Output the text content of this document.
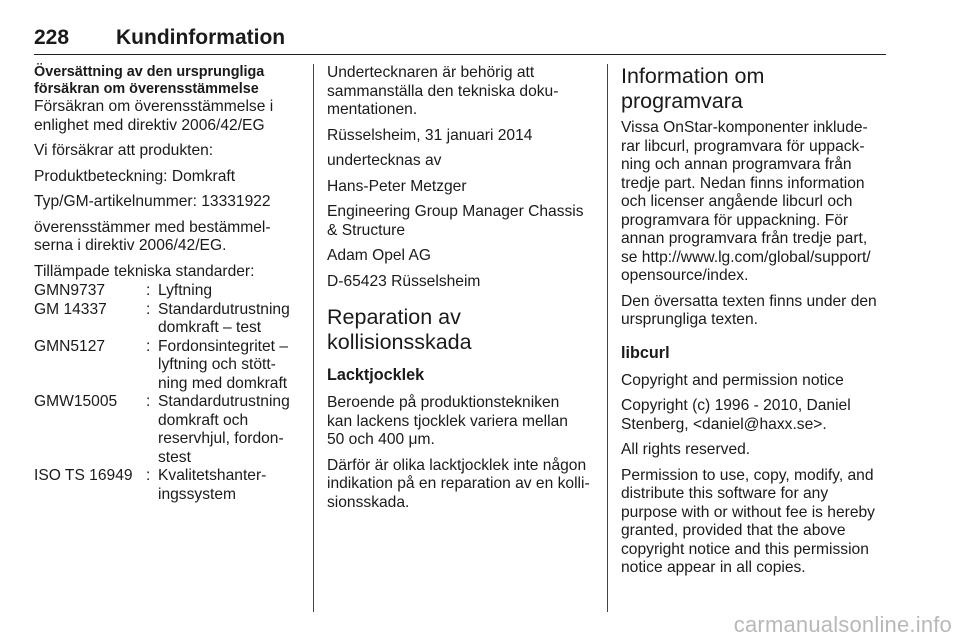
228 Kundinformation

Översättning av den ursprungliga
försäkran om överensstämmelse

Försäkran om överensstämmelse i
enlighet med direktiv 2006/42/EG

Vi försäkrar att produkten:

Produktbeteckning: Domkraft

Typ/GM-artikelnummer: 13331922

överensstämmer med bestämmel-
serna i direktiv 2006/42/EG.

Tillämpade tekniska standarder:

GMN9737	: Lyftning
GM 14337	: Standardutrustning
domkraft – test
GMN5127	: Fordonsintegritet –
lyftning och stött-
ning med domkraft
GMW15005	: Standardutrustning
domkraft och
reservhjul, fordon-
stest
ISO TS 16949 : Kvalitetshanter-
ingssystem

Undertecknaren är behörig att
sammanställa den tekniska doku-
mentationen.

Rüsselsheim, 31 januari 2014

undertecknas av

Hans-Peter Metzger

Engineering Group Manager Chassis
& Structure

Adam Opel AG

D-65423 Rüsselsheim

Reparation av
kollisionsskada
Lacktjocklek

Beroende på produktionstekniken
kan lackens tjocklek variera mellan
50 och 400 μm.

Därför är olika lacktjocklek inte någon
indikation på en reparation av en kolli-
sionsskada.

Information om
programvara

Vissa OnStar-komponenter inklude-
rar libcurl, programvara för uppack-
ning och annan programvara från
tredje part. Nedan finns information
och licenser angående libcurl och
programvara för uppackning. För
annan programvara från tredje part,
se http://www.lg.com/global/support/
opensource/index.

Den översatta texten finns under den
ursprungliga texten.

libcurl

Copyright and permission notice

Copyright (c) 1996 - 2010, Daniel
Stenberg, <daniel@haxx.se>.

All rights reserved.

Permission to use, copy, modify, and
distribute this software for any
purpose with or without fee is hereby
granted, provided that the above
copyright notice and this permission
notice appear in all copies.

carmanualsonline.info
